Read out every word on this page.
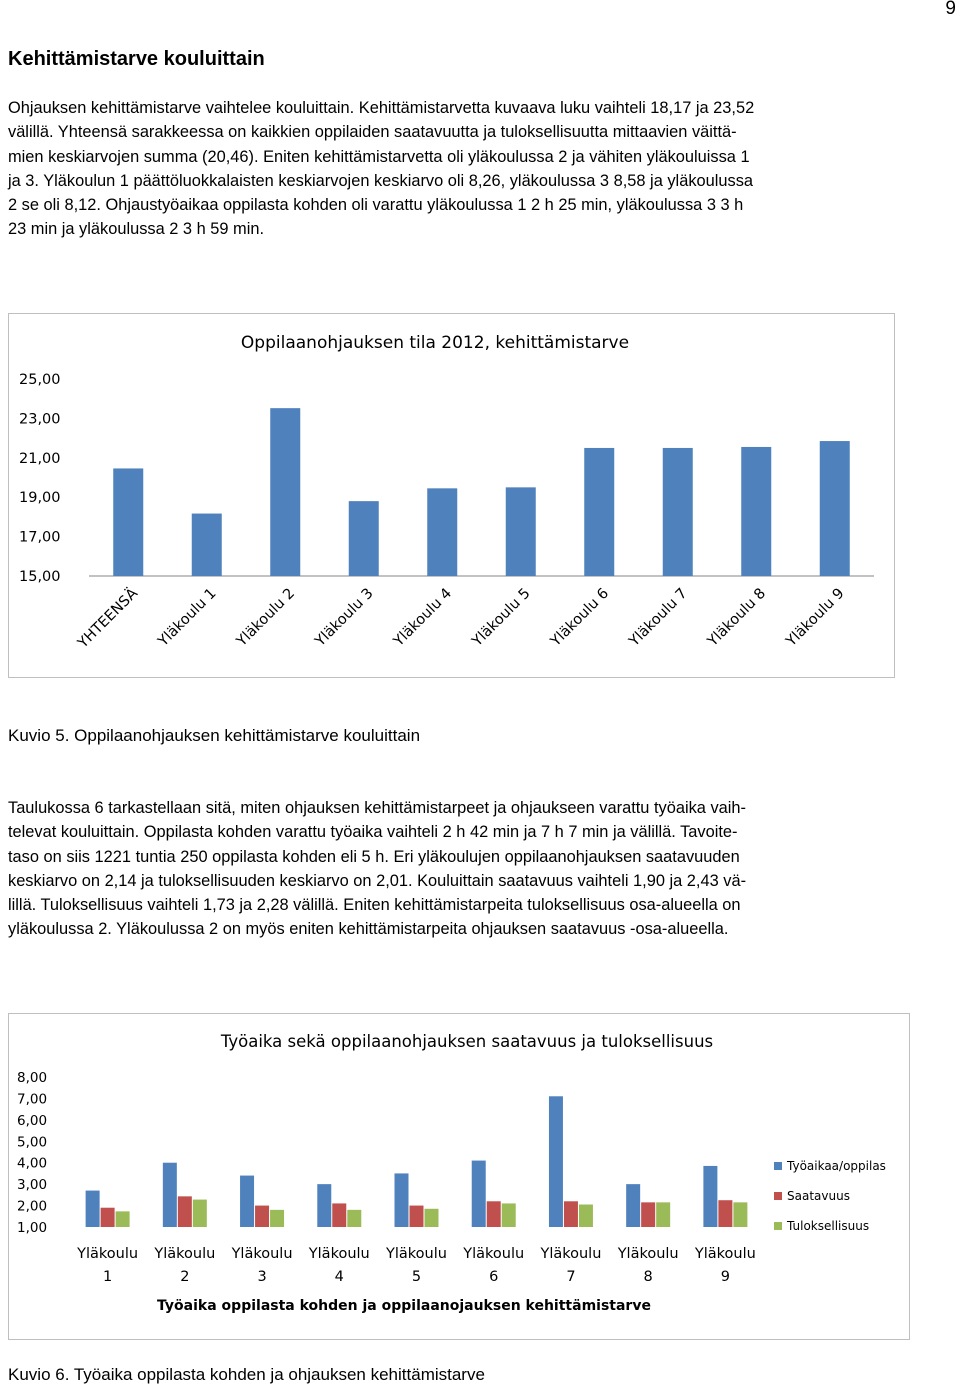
9
Kehittämistarve kouluittain

Ohjauksen kehittämistarve vaihtelee kouluittain. Kehittämistarvetta kuvaava luku vaihteli 18,17 ja 23,52

välillä. Yhteensä sarakkeessa on kaikkien oppilaiden saatavuutta ja tuloksellisuutta mittaavien väittä-

mien keskiarvojen summa (20,46). Eniten kehittämistarvetta oli yläkoulussa 2 ja vähiten yläkouluissa 1

ja 3. Yläkoulun 1 päättöluokkalaisten keskiarvojen keskiarvo oli 8,26, yläkoulussa 3 8,58 ja yläkoulussa

2 se oli 8,12. Ohjaustyöaikaa oppilasta kohden oli varattu yläkoulussa 1 2 h 25 min, yläkoulussa 3 3 h

23 min ja yläkoulussa 2 3 h 59 min.

Oppilaanohjauksen tila 2012, kehittämistarve
25,00
23,00
21,00
19,00
17,00
15,00
YHTEENSÄ Yläkoulu 1 Yläkoulu 2 Yläkoulu 3 Yläkoulu 4 Yläkoulu 5 Yläkoulu 6 Yläkoulu 7 Yläkoulu 8 Yläkoulu 9
Kuvio 5. Oppilaanohjauksen kehittämistarve kouluittain

Taulukossa 6 tarkastellaan sitä, miten ohjauksen kehittämistarpeet ja ohjaukseen varattu työaika vaih-

televat kouluittain. Oppilasta kohden varattu työaika vaihteli 2 h 42 min ja 7 h 7 min ja välillä. Tavoite-

taso on siis 1221 tuntia 250 oppilasta kohden eli 5 h. Eri yläkoulujen oppilaanohjauksen saatavuuden

keskiarvo on 2,14 ja tuloksellisuuden keskiarvo on 2,01. Kouluittain saatavuus vaihteli 1,90 ja 2,43 vä-

lillä. Tuloksellisuus vaihteli 1,73 ja 2,28 välillä. Eniten kehittämistarpeita tuloksellisuus osa-alueella on

yläkoulussa 2. Yläkoulussa 2 on myös eniten kehittämistarpeita ohjauksen saatavuus -osa-alueella.

Työaika sekä oppilaanohjauksen saatavuus ja tuloksellisuus
8,00
7,00
6,00
5,00
4,00
3,00
2,00
1,00
Yläkoulu
1
Yläkoulu
2
Yläkoulu
3
Yläkoulu
4
Yläkoulu
5
Yläkoulu
6
Yläkoulu
7
Yläkoulu
8
Yläkoulu
9
Työaika oppilasta kohden ja oppilaanojauksen kehittämistarve
Työaikaa/oppilas
Saatavuus
Tuloksellisuus
Kuvio 6. Työaika oppilasta kohden ja ohjauksen kehittämistarve
